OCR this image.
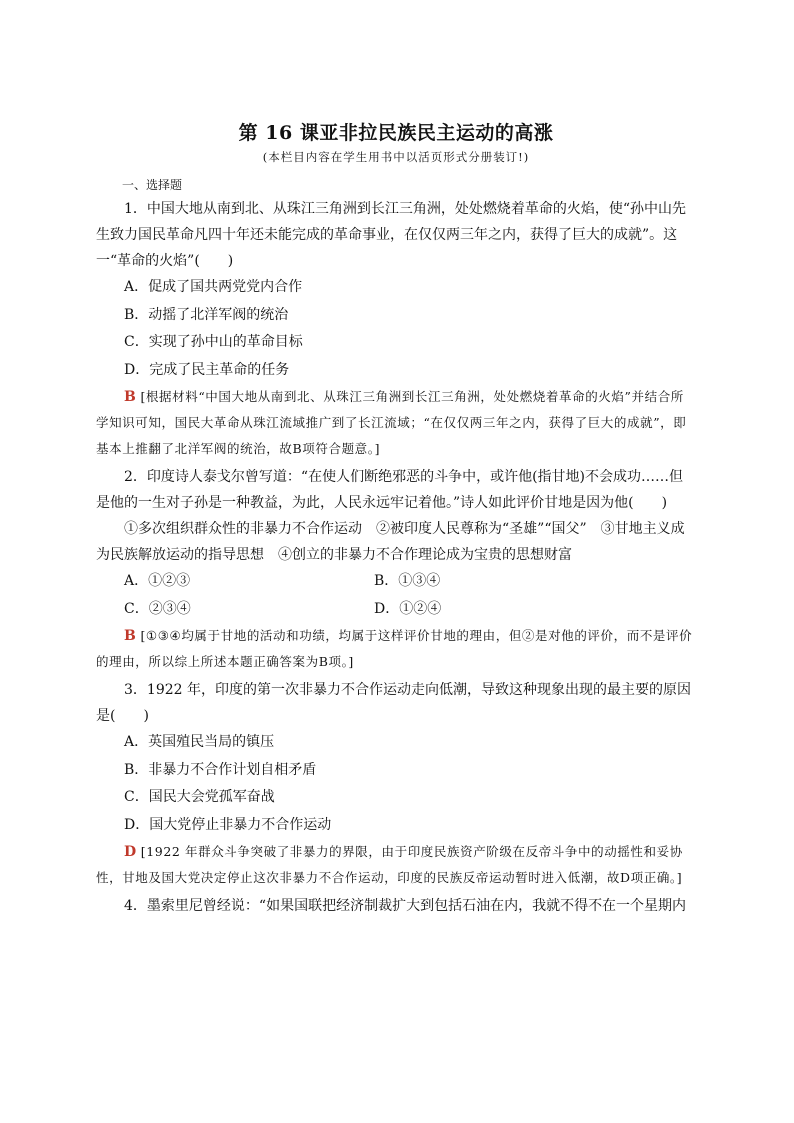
第 16 课亚非拉民族民主运动的高涨
(本栏目内容在学生用书中以活页形式分册装订!)
一、选择题
1．中国大地从南到北、从珠江三角洲到长江三角洲，处处燃烧着革命的火焰，使“孙中山先生致力国民革命凡四十年还未能完成的革命事业，在仅仅两三年之内，获得了巨大的成就”。这一“革命的火焰”(　　)
A．促成了国共两党党内合作
B．动摇了北洋军阀的统治
C．实现了孙中山的革命目标
D．完成了民主革命的任务
B [根据材料“中国大地从南到北、从珠江三角洲到长江三角洲，处处燃烧着革命的火焰”并结合所学知识可知，国民大革命从珠江流域推广到了长江流域；“在仅仅两三年之内，获得了巨大的成就”，即基本上推翻了北洋军阀的统治，故B项符合题意。]
2．印度诗人泰戈尔曾写道：“在使人们断绝邪恶的斗争中，或许他(指甘地)不会成功……但是他的一生对子孙是一种教益，为此，人民永远牢记着他。”诗人如此评价甘地是因为他(　　)
①多次组织群众性的非暴力不合作运动　②被印度人民尊称为“圣雄”“国父”　③甘地主义成为民族解放运动的指导思想　④创立的非暴力不合作理论成为宝贵的思想财富
A．①②③	B．①③④
C．②③④	D．①②④
B [①③④均属于甘地的活动和功绩，均属于这样评价甘地的理由，但②是对他的评价，而不是评价的理由，所以综上所述本题正确答案为B项。]
3．1922 年，印度的第一次非暴力不合作运动走向低潮，导致这种现象出现的最主要的原因是(　　)
A．英国殖民当局的镇压
B．非暴力不合作计划自相矛盾
C．国民大会党孤军奋战
D．国大党停止非暴力不合作运动
D [1922 年群众斗争突破了非暴力的界限，由于印度民族资产阶级在反帝斗争中的动摇性和妥协性，甘地及国大党决定停止这次非暴力不合作运动，印度的民族反帝运动暂时进入低潮，故D项正确。]
4．墨索里尼曾经说：“如果国联把经济制裁扩大到包括石油在内，我就不得不在一个星期内
